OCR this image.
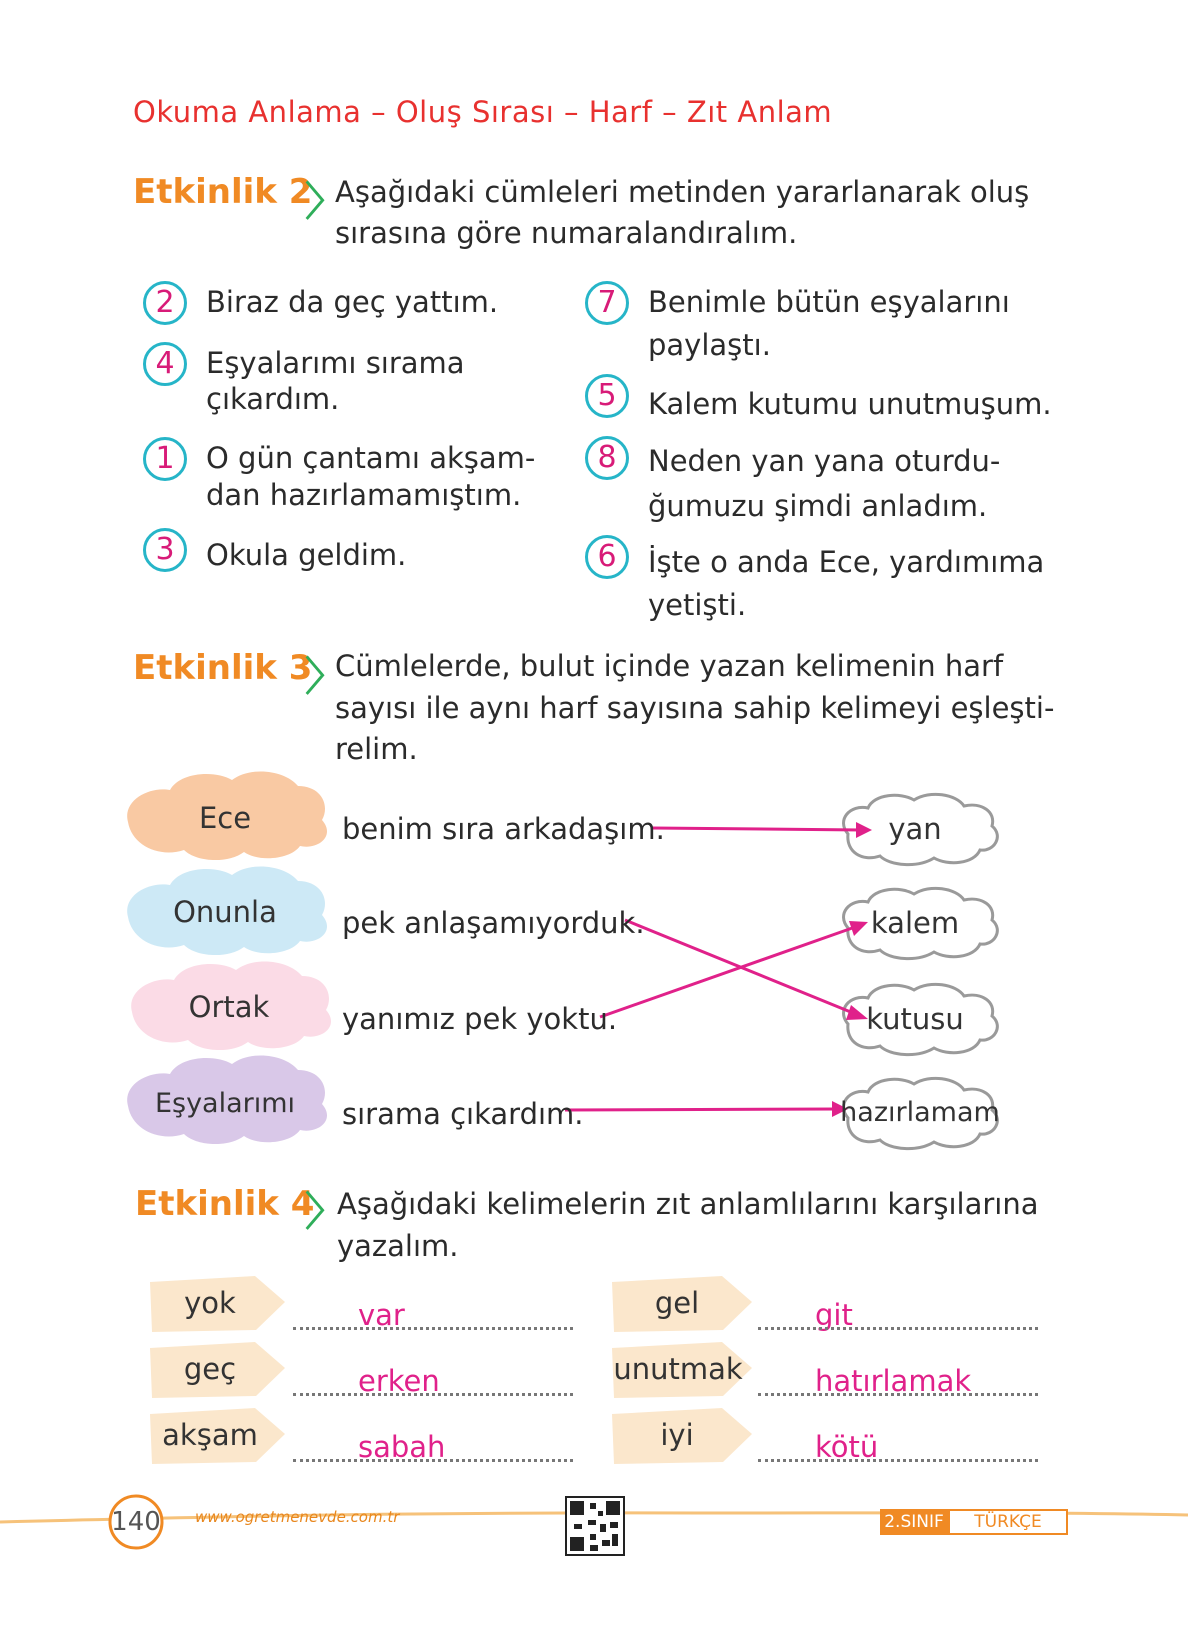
Okuma Anlama – Oluş Sırası – Harf – Zıt Anlam
Etkinlik 2
〉
Aşağıdaki cümleleri metinden yararlanarak oluş
sırasına göre numaralandıralım.
2	Biraz da geç yattım.
4	Eşyalarımı sırama
çıkardım.
1	O gün çantamı akşam-
dan hazırlamamıştım.
3	Okula geldim.
7	Benimle bütün eşyalarını
paylaştı.
5	Kalem kutumu unutmuşum.
8	Neden yan yana oturdu-
ğumuzu şimdi anladım.
6	İşte o anda Ece, yardımıma
yetişti.
Etkinlik 3
〉
Cümlelerde, bulut içinde yazan kelimenin harf
sayısı ile aynı harf sayısına sahip kelimeyi eşleşti-
relim.
Ece	benim sıra arkadaşım.	yan
Onunla	pek anlaşamıyorduk.	kalem
Ortak	yanımız pek yoktu.	kutusu
Eşyalarımı	sırama çıkardım.	hazırlamam
Etkinlik 4
〉
Aşağıdaki kelimelerin zıt anlamlılarını karşılarına
yazalım.
yok	var
geç	erken
akşam	sabah
gel	git
unutmak hatırlamak
iyi	kötü
140 www.ogretmenevde.com.tr	2.SINIF	TÜRKÇE
